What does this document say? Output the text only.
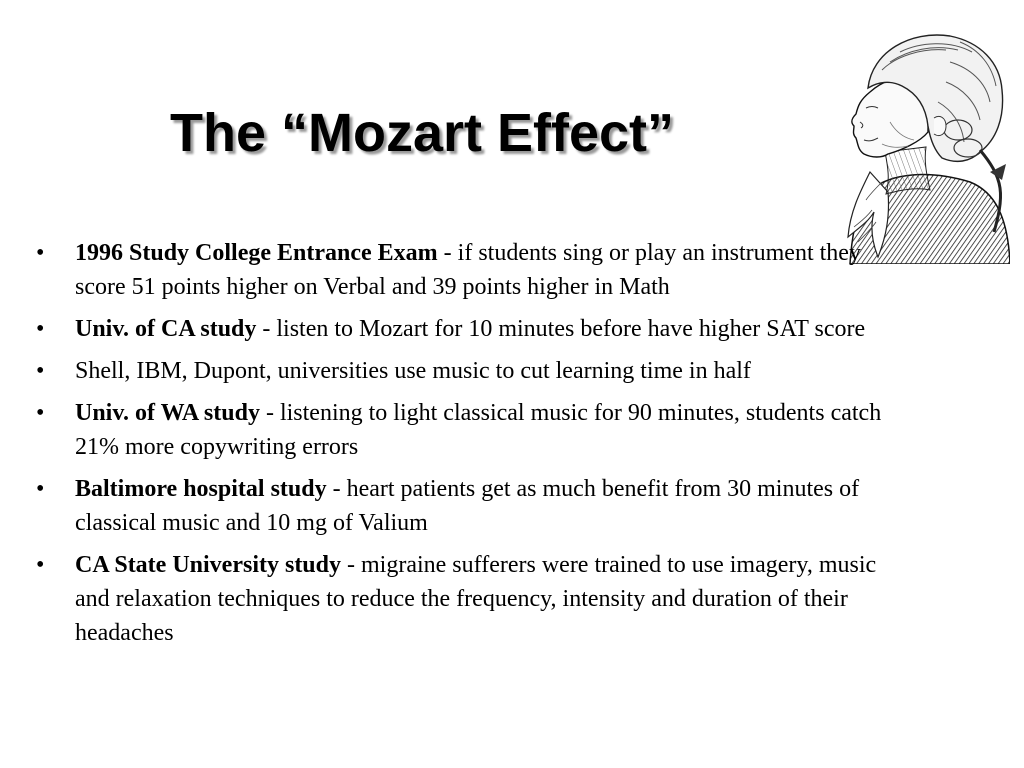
The “Mozart Effect”
•	1996 Study College Entrance Exam - if students sing or play an instrument they score 51 points higher on Verbal and 39 points higher in Math
•	Univ. of CA study - listen to Mozart for 10 minutes before have higher SAT score
•	Shell, IBM, Dupont, universities use music to cut learning time in half
•	Univ. of WA study - listening to light classical music for 90 minutes, students catch 21% more copywriting errors
•	Baltimore hospital study - heart patients get as much benefit from 30 minutes of classical music and 10 mg of Valium
•	CA State University study - migraine sufferers were trained to use imagery, music and relaxation techniques to reduce the frequency, intensity and duration of their headaches
